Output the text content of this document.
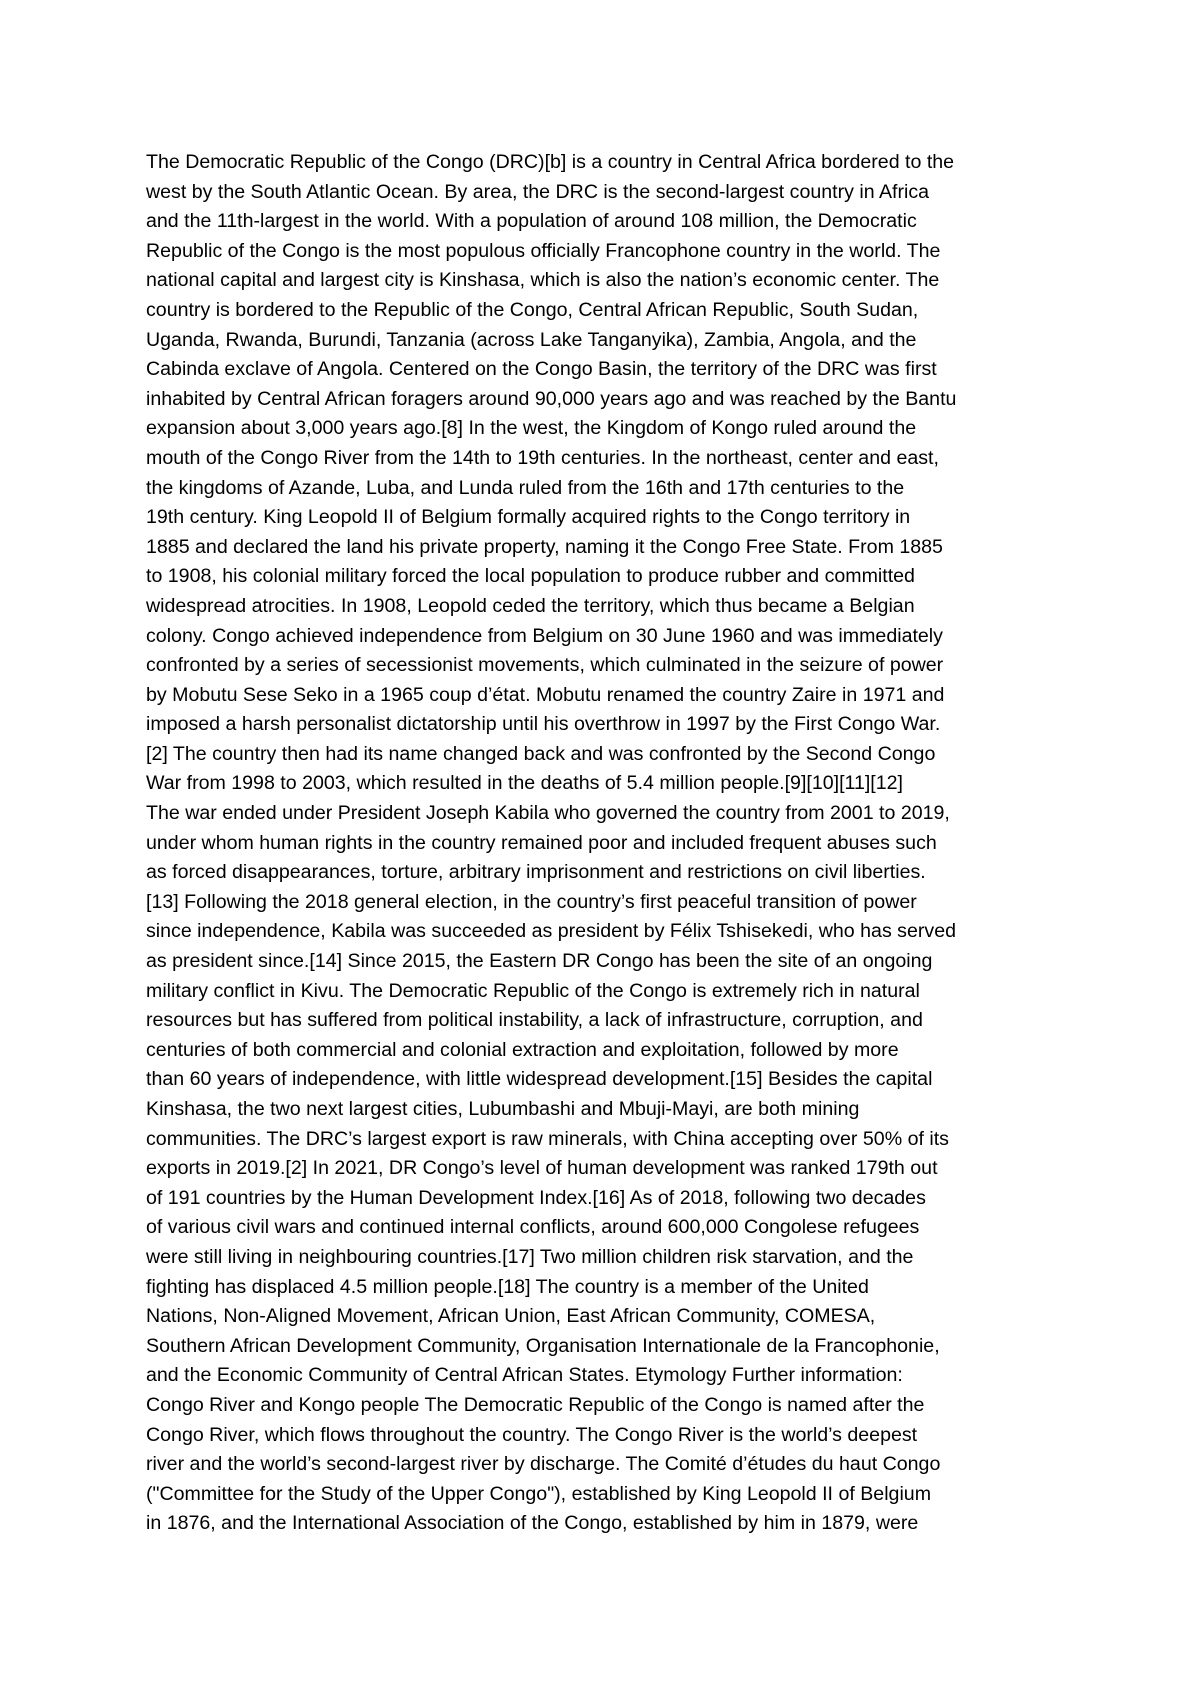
The Democratic Republic of the Congo (DRC)[b] is a country in Central Africa bordered to the
west by the South Atlantic Ocean. By area, the DRC is the second-largest country in Africa
and the 11th-largest in the world. With a population of around 108 million, the Democratic
Republic of the Congo is the most populous officially Francophone country in the world. The
national capital and largest city is Kinshasa, which is also the nation’s economic center. The
country is bordered to the Republic of the Congo, Central African Republic, South Sudan,
Uganda, Rwanda, Burundi, Tanzania (across Lake Tanganyika), Zambia, Angola, and the
Cabinda exclave of Angola. Centered on the Congo Basin, the territory of the DRC was first
inhabited by Central African foragers around 90,000 years ago and was reached by the Bantu
expansion about 3,000 years ago.[8] In the west, the Kingdom of Kongo ruled around the
mouth of the Congo River from the 14th to 19th centuries. In the northeast, center and east,
the kingdoms of Azande, Luba, and Lunda ruled from the 16th and 17th centuries to the
19th century. King Leopold II of Belgium formally acquired rights to the Congo territory in
1885 and declared the land his private property, naming it the Congo Free State. From 1885
to 1908, his colonial military forced the local population to produce rubber and committed
widespread atrocities. In 1908, Leopold ceded the territory, which thus became a Belgian
colony. Congo achieved independence from Belgium on 30 June 1960 and was immediately
confronted by a series of secessionist movements, which culminated in the seizure of power
by Mobutu Sese Seko in a 1965 coup d’état. Mobutu renamed the country Zaire in 1971 and
imposed a harsh personalist dictatorship until his overthrow in 1997 by the First Congo War.
[2] The country then had its name changed back and was confronted by the Second Congo
War from 1998 to 2003, which resulted in the deaths of 5.4 million people.[9][10][11][12]
The war ended under President Joseph Kabila who governed the country from 2001 to 2019,
under whom human rights in the country remained poor and included frequent abuses such
as forced disappearances, torture, arbitrary imprisonment and restrictions on civil liberties.
[13] Following the 2018 general election, in the country’s first peaceful transition of power
since independence, Kabila was succeeded as president by Félix Tshisekedi, who has served
as president since.[14] Since 2015, the Eastern DR Congo has been the site of an ongoing
military conflict in Kivu. The Democratic Republic of the Congo is extremely rich in natural
resources but has suffered from political instability, a lack of infrastructure, corruption, and
centuries of both commercial and colonial extraction and exploitation, followed by more
than 60 years of independence, with little widespread development.[15] Besides the capital
Kinshasa, the two next largest cities, Lubumbashi and Mbuji-Mayi, are both mining
communities. The DRC’s largest export is raw minerals, with China accepting over 50% of its
exports in 2019.[2] In 2021, DR Congo’s level of human development was ranked 179th out
of 191 countries by the Human Development Index.[16] As of 2018, following two decades
of various civil wars and continued internal conflicts, around 600,000 Congolese refugees
were still living in neighbouring countries.[17] Two million children risk starvation, and the
fighting has displaced 4.5 million people.[18] The country is a member of the United
Nations, Non-Aligned Movement, African Union, East African Community, COMESA,
Southern African Development Community, Organisation Internationale de la Francophonie,
and the Economic Community of Central African States. Etymology Further information:
Congo River and Kongo people The Democratic Republic of the Congo is named after the
Congo River, which flows throughout the country. The Congo River is the world’s deepest
river and the world’s second-largest river by discharge. The Comité d’études du haut Congo
("Committee for the Study of the Upper Congo"), established by King Leopold II of Belgium
in 1876, and the International Association of the Congo, established by him in 1879, were
